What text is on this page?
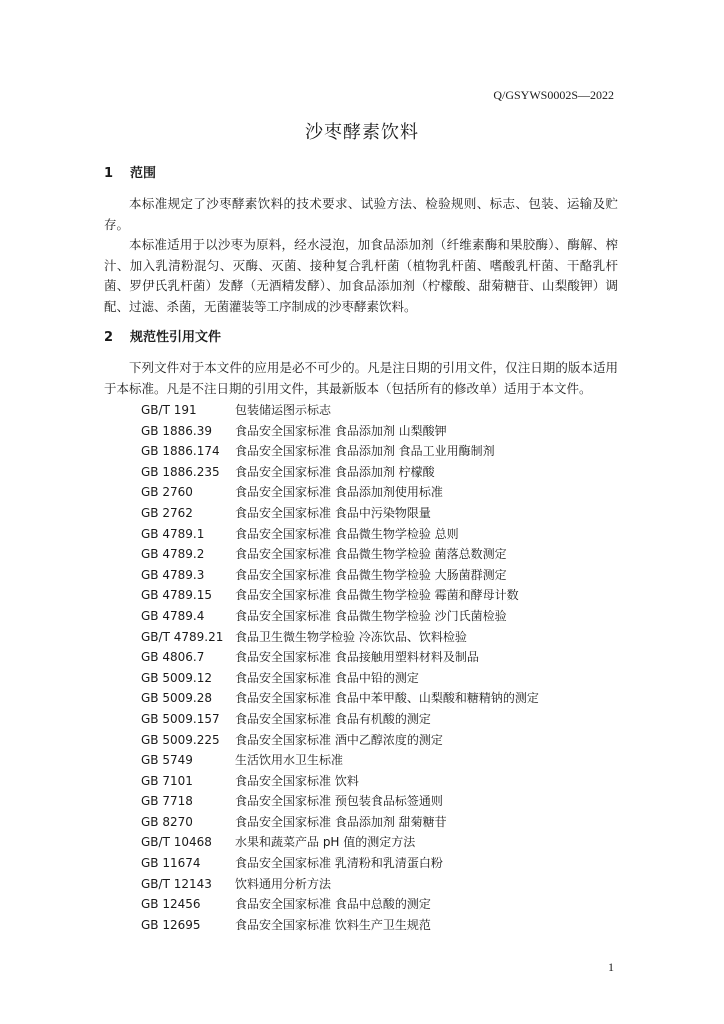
Q/GSYWS0002S—2022
沙枣酵素饮料
1 范围
本标准规定了沙枣酵素饮料的技术要求、试验方法、检验规则、标志、包装、运输及贮存。
本标准适用于以沙枣为原料，经水浸泡，加食品添加剂（纤维素酶和果胶酶）、酶解、榨汁、加入乳清粉混匀、灭酶、灭菌、接种复合乳杆菌（植物乳杆菌、嗜酸乳杆菌、干酪乳杆菌、罗伊氏乳杆菌）发酵（无酒精发酵）、加食品添加剂（柠檬酸、甜菊糖苷、山梨酸钾）调配、过滤、杀菌，无菌灌装等工序制成的沙枣酵素饮料。
2 规范性引用文件
下列文件对于本文件的应用是必不可少的。凡是注日期的引用文件，仅注日期的版本适用于本标准。凡是不注日期的引用文件，其最新版本（包括所有的修改单）适用于本文件。
GB/T 191	包装储运图示标志
GB 1886.39 食品安全国家标准 食品添加剂 山梨酸钾
GB 1886.174 食品安全国家标准 食品添加剂 食品工业用酶制剂
GB 1886.235 食品安全国家标准 食品添加剂 柠檬酸
GB 2760	食品安全国家标准 食品添加剂使用标准
GB 2762	食品安全国家标准 食品中污染物限量
GB 4789.1	食品安全国家标准 食品微生物学检验 总则
GB 4789.2	食品安全国家标准 食品微生物学检验 菌落总数测定
GB 4789.3	食品安全国家标准 食品微生物学检验 大肠菌群测定
GB 4789.15 食品安全国家标准 食品微生物学检验 霉菌和酵母计数
GB 4789.4	食品安全国家标准 食品微生物学检验 沙门氏菌检验
GB/T 4789.21 食品卫生微生物学检验 冷冻饮品、饮料检验
GB 4806.7	食品安全国家标准 食品接触用塑料材料及制品
GB 5009.12 食品安全国家标准 食品中铅的测定
GB 5009.28 食品安全国家标准 食品中苯甲酸、山梨酸和糖精钠的测定
GB 5009.157 食品安全国家标准 食品有机酸的测定
GB 5009.225 食品安全国家标准 酒中乙醇浓度的测定
GB 5749	生活饮用水卫生标准
GB 7101	食品安全国家标准 饮料
GB 7718	食品安全国家标准 预包装食品标签通则
GB 8270	食品安全国家标准 食品添加剂 甜菊糖苷
GB/T 10468 水果和蔬菜产品 pH 值的测定方法
GB 11674	食品安全国家标准 乳清粉和乳清蛋白粉
GB/T 12143 饮料通用分析方法
GB 12456	食品安全国家标准 食品中总酸的测定
GB 12695	食品安全国家标准 饮料生产卫生规范
1
